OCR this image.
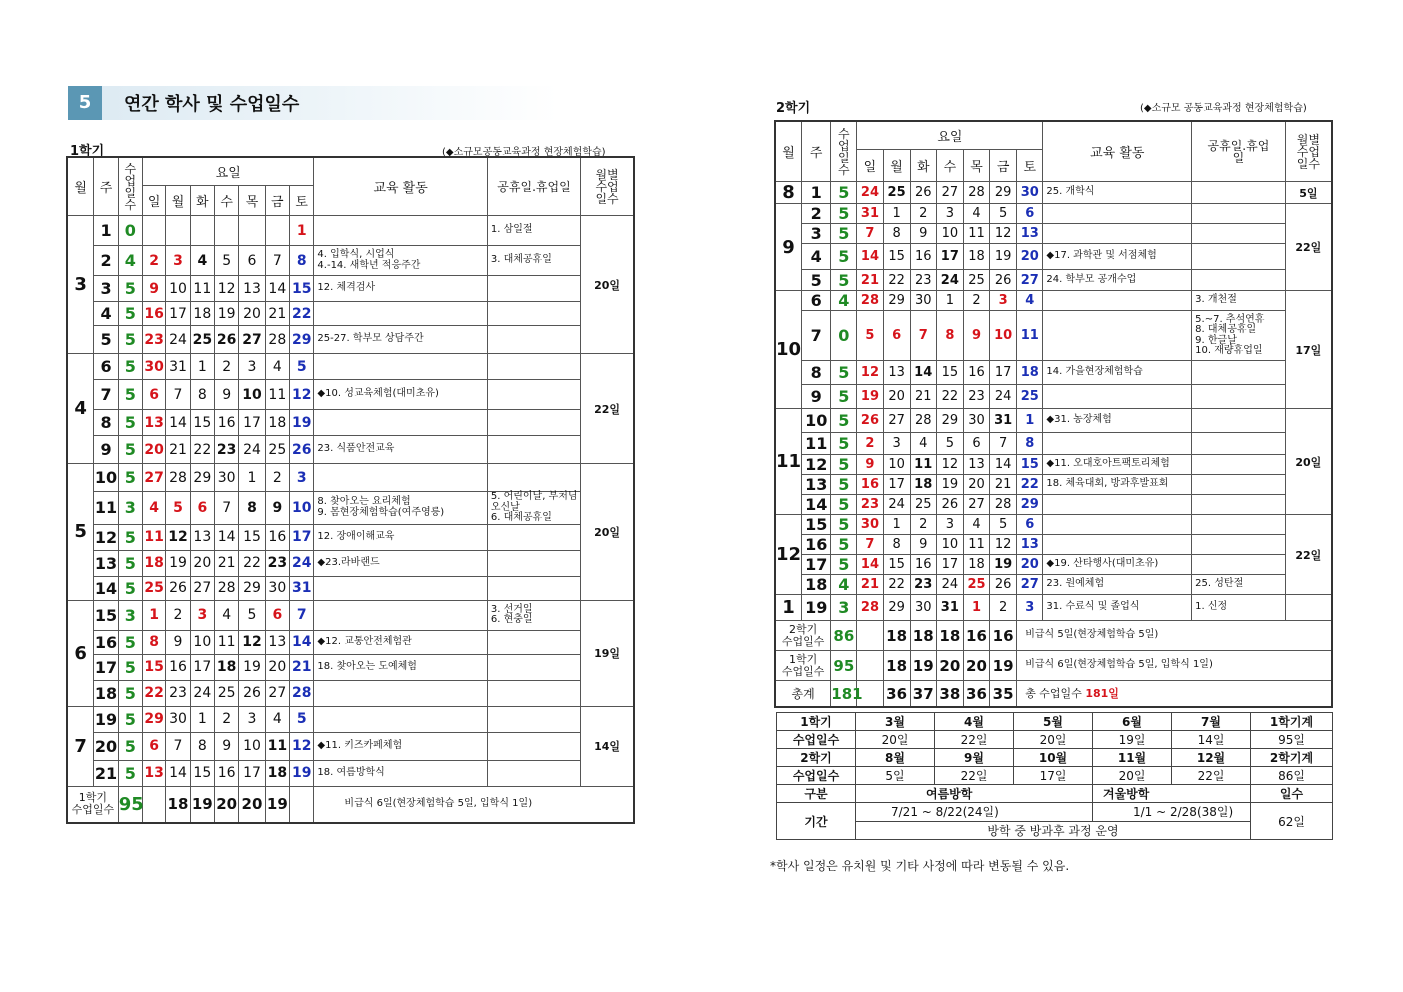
5	연간 학사 및 수업일수
1학기	(◆소규모공동교육과정 현장체험학습)
2학기	(◆소규모 공동교육과정 현장체험학습)
월	주	수
업
일
수	요일							교육 활동	공휴일.휴업일	월별
수업
일수
			일	월	화	수	목	금	토			
3	1	0							1		1. 삼일절	20일
	2	4	2	3	4	5	6	7	8	4. 입학식, 시업식
4.-14. 새학년 적응주간	3. 대체공휴일	
	3	5	9	10	11	12	13	14	15	12. 체격검사		
	4	5	16	17	18	19	20	21	22			
	5	5	23	24	25	26	27	28	29	25-27. 학부모 상담주간		
4	6	5	30	31	1	2	3	4	5			22일
	7	5	6	7	8	9	10	11	12	◆10. 성교육체험(대미초유)		
	8	5	13	14	15	16	17	18	19			
	9	5	20	21	22	23	24	25	26	23. 식품안전교육		
5	10	5	27	28	29	30	1	2	3			20일
	11	3	4	5	6	7	8	9	10	8. 찾아오는 요리체험
9. 몸현장체험학습(여주영릉)	5. 어린이날, 부처님오신날
6. 대체공휴일	
	12	5	11	12	13	14	15	16	17	12. 장애이해교육		
	13	5	18	19	20	21	22	23	24	◆23.라바랜드		
	14	5	25	26	27	28	29	30	31			
6	15	3	1	2	3	4	5	6	7		3. 선거일
6. 현충일	19일
	16	5	8	9	10	11	12	13	14	◆12. 교통안전체험관		
	17	5	15	16	17	18	19	20	21	18. 찾아오는 도예체험		
	18	5	22	23	24	25	26	27	28			
7	19	5	29	30	1	2	3	4	5			14일
	20	5	6	7	8	9	10	11	12	◆11. 키즈카페체험		
	21	5	13	14	15	16	17	18	19	18. 여름방학식		
1학기
수업일수		95		18	19	20	20	19		비급식 6일(현장체험학습 5일, 입학식 1일)		
월	주	수
업
일
수	요일							교육 활동	공휴일.휴업
일	월별
수업
일수
			일	월	화	수	목	금	토			
8	1	5	24	25	26	27	28	29	30	25. 개학식		5일
9	2	5	31	1	2	3	4	5	6			22일
	3	5	7	8	9	10	11	12	13			
	4	5	14	15	16	17	18	19	20	◆17. 과학관 및 서점체험		
	5	5	21	22	23	24	25	26	27	24. 학부모 공개수업		
10	6	4	28	29	30	1	2	3	4		3. 개천절	17일
	7	0	5	6	7	8	9	10	11		5.~7. 추석연휴
8. 대체공휴일
9. 한글날
10. 재량휴업일	
	8	5	12	13	14	15	16	17	18	14. 가을현장체험학습		
	9	5	19	20	21	22	23	24	25			
11	10	5	26	27	28	29	30	31	1	◆31. 농장체험		20일
	11	5	2	3	4	5	6	7	8			
	12	5	9	10	11	12	13	14	15	◆11. 오대호아트팩토리체험		
	13	5	16	17	18	19	20	21	22	18. 체육대회, 방과후발표회		
	14	5	23	24	25	26	27	28	29			
12	15	5	30	1	2	3	4	5	6			22일
	16	5	7	8	9	10	11	12	13			
	17	5	14	15	16	17	18	19	20	◆19. 산타행사(대미초유)		
	18	4	21	22	23	24	25	26	27	23. 원예체험	25. 성탄절	
1	19	3	28	29	30	31	1	2	3	31. 수료식 및 졸업식	1. 신정	
2학기
수업일수		86		18	18	18	16	16	비급식 5일(현장체험학습 5일)			
1학기
수업일수		95		18	19	20	20	19	비급식 6일(현장체험학습 5일, 입학식 1일)			
총계		181		36	37	38	36	35	총 수업일수 181일			
1학기	3월	4월	5월	6월	7월	1학기계
수업일수	20일	22일	20일	19일	14일	95일
2학기	8월	9월	10월	11월	12월	2학기계
수업일수	5일	22일	17일	20일	22일	86일
구분	여름방학			겨울방학		일수
기간	7/21 ~ 8/22(24일)			1/1 ~ 2/28(38일)		62일
	방학 중 방과후 과정 운영					
*학사 일정은 유치원 및 기타 사정에 따라 변동될 수 있음.
